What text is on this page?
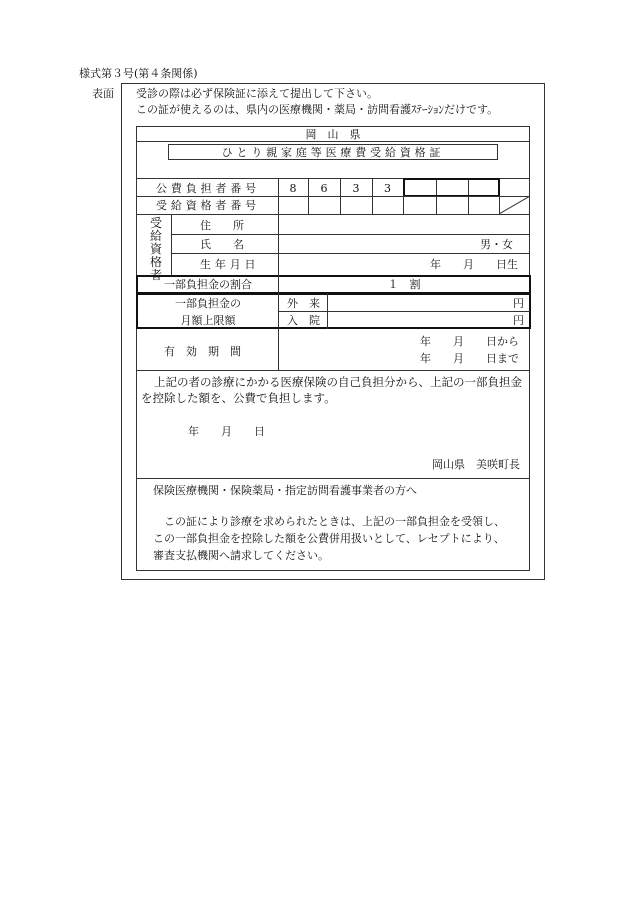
様式第３号(第４条関係)
表面 受診の際は必ず保険証に添えて提出して下さい。
この証が使えるのは、県内の医療機関・薬局・訪問看護ｽﾃｰｼｮﾝだけです。
岡　山　県
ひとり親家庭等医療費受給資格証
公費負担者番号	8	6	3	3
受給資格者番号
受給資格者
住　　所
氏　　名	男・女
生年月日	年　　月　　日生
一部負担金の割合	１　割
一部負担金の
月額上限額
外　来	円
入　院	円
有　効　期　間
年　　月　　日から
年　　月　　日まで
上記の者の診療にかかる医療保険の自己負担分から、上記の一部負担金
を控除した額を、公費で負担します。
年　　月　　日
岡山県　美咲町長
保険医療機関・保険薬局・指定訪問看護事業者の方へ
この証により診療を求められたときは、上記の一部負担金を受領し、
この一部負担金を控除した額を公費併用扱いとして、レセプトにより、
審査支払機関へ請求してください。
